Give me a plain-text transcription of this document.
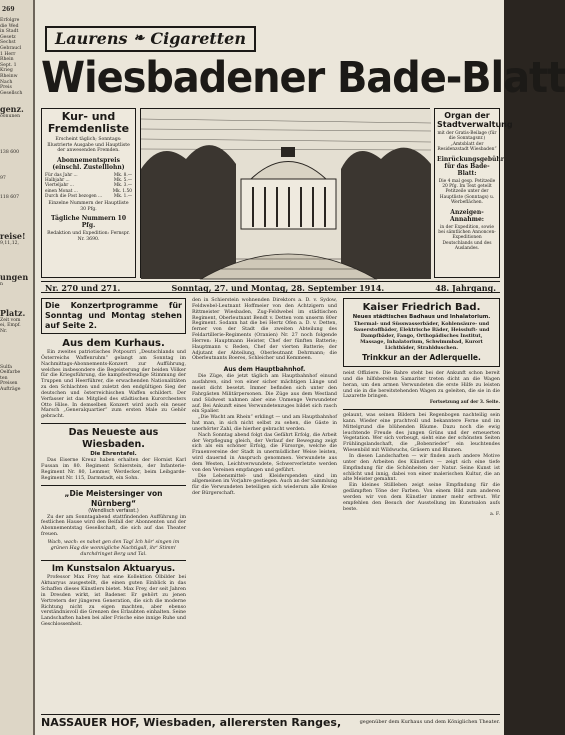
269
Erfolgre
die Wed
in Stadt
Gesetz
Sechst
Gebraucl
1 Herr
Rhein
Sept. 1
Krieg
Rheinw
Nach
Preis
Gesellsch
genz.
oonunen
138 600
97
118 607
reise!
9,11,12,
ungen
n
Platz.
Zeit vom
ei, Empf.
Nr.
Sulfa
Oelfarbe
ten
Preisen
Aufträge
Laurens ❧ Cigaretten
Wiesbadener Bade-Blatt
Kur- und Fremdenliste
Erscheint täglich; Sonntags: Illustrierte Ausgabe und Hauptliste der anwesenden Fremden.
Abonnementspreis (einschl. Zustelllohn)
Für das Jahr ...	Mk. 8.—
Halbjahr ...	Mk. 5.—
Vierteljahr ...	Mk. 3.—
einen Monat ...	Mk. 1.50
Durch die Post bezogen ...	Mk. 1.—
Einzelne Nummern der Hauptliste 30 Pfg.
Tägliche Nummern 10 Pfg.
Redaktion und Expedition: Fernspr. Nr. 3690.
Organ der Stadtverwaltung
mit der Gratis-Beilage (für die Sonntagsnr.) „Amtsblatt der Residenzstadt Wiesbaden“
Einrückungsgebühr für das Bade-Blatt:
Die 4 mal gesp. Petitzeile 20 Pfg. Im Text geteilt Petitzeile unter der Hauptliste (Sonntags) u. Werbeflächen.
Anzeigen-Annahme:
in der Expedition, sowie bei sämtlichen Annoncen-Expeditionen Deutschlands und des Auslandes.
Nr. 270 und 271.	Sonntag, 27. und Montag, 28. September 1914.	48. Jahrgang.
Die Konzertprogramme für Sonntag und Montag stehen auf Seite 2.
Aus dem Kurhaus.

Ein zweites patriotisches Potpourri „Deutschlands und Österreichs Waffenruhm“ gelangt am Sonntag im Nachmittags-Abonnements-Konzert zur Aufführung, welches insbesondere die Begeisterung der beiden Völker für die Kriegsführung, die kampfesfreudige Stimmung der Truppen und Heerführer, die erwachenden Nationalitäten zu den Schlachten und zuletzt den endgültigen Sieg der deutschen und österreichischen Waffen schildert. Der Verfasser ist das Mitglied des städtischen Kurorchesters Otto Hilse. In demselben Konzert wird auch ein neuer Marsch „Generalquartier“ zum ersten Male zu Gehör gebracht.

Das Neueste aus Wiesbaden.
Die Ehrentafel.

Das Eiserne Kreuz haben erhalten der Hornist Karl Fussan im 80. Regiment Schierstein, der Infanterie-Regiment Nr. 80, Lemmer, Werdecker, beim Leibgarde-Regiment Nr. 115, Darmstadt, ein Sohn.

„Die Meistersinger von Nürnberg“
(Wendlisch verfasst.)

Zu der am Sonntagabend stattfindenden Aufführung im festlichen Hause wird den Beifall der Abonnenten und der Abonnementstag Gesellschaft, die sich auf das Theater freuen.

Wach, wach: es nahet gen den Tag! Ich hör' singen im grünen Hag die wonnigliche Nachtigall, ihr' Stimm' durchdringet Berg und Tal.

Im Kunstsalon Aktuaryus.

Professor Max Frey hat eine Kollektion Ölbilder bei Aktuaryus ausgestellt, die einen guten Einblick in das Schaffen dieses Künstlers bietet. Max Frey, der seit Jahren in Dresden wirkt, ist Badener. Er gehört zu jenen Vertretern der jüngeren Generation, die sich die moderne Richtung nicht zu eigen machten, aber ebenso verständnisvoll die Grenzen des Erlaubten einhalten. Seine Landschaften haben bei aller Frische eine innige Ruhe und Geschlossenheit.

den in Schierstein wohnenden Direktors a. D. v. Sydow, Feldwebel-Leutnant Hoffmeier von den Achtzigern und Rittmeister Wiesbaden, Zug-Feldwebel im städtischen Regiment, Oberleutnant Bendt v. Detten vom unserm 80er Regiment. Sodann hat die bei Hertz Ofen a. D. v. Detten, ferner von der Stadt die zweiten Abteilung des Feldartillerie-Regiments (Oranien) Nr. 27 noch folgende Herren: Hauptmann Heister, Chef der fünften Batterie; Hauptmann v. Reden, Chef der vierten Batterie; der Adjutant der Abteilung, Oberleutnant Dehrmann; die Oberleutnants Boeres, Schleicher und Kemmeen.

Aus dem Hauptbahnhof.

Die Züge, die jetzt täglich am Hauptbahnhof einund ausfahren, sind von einer sicher mächtigen Länge und meist dicht besetzt. Immer befinden sich unter den Fahrgästen Militärpersonen. Die Züge aus dem Westland und Südwest nahmen aber eine Unmenge Verwundeter auf. Bei Ankunft eines Verwundetenzuges bildet sich rasch ein Spalier.

„Die Wacht am Rhein“ erklingt — und am Hauptbahnhof hat man, in sich nicht selbst zu sehen, die Gäste in unerhörter Zahl, die hierher gebracht werden.

Nach Sonntag abend folgt das Gefährt Erfolg, die Arbeit der Verpflegung gleich, der Verlauf der Bewegung zeigt sich als ein schöner Erfolg, die Fürsorge, welche die Frauenvereine der Stadt in unermüdlicher Weise leisten, wird dauernd in Anspruch genommen. Verwundete aus dem Westen, Leichtverwundete, Schwerverletzte werden von den Vereinen empfangen und geführt.

Die Lebensmittel- und Kleiderspenden sind im allgemeinen im Vorjahre gestiegen. Auch an der Sammlung für die Verwundeten beteiligen sich wiederum alle Kreise der Bürgerschaft.

Kaiser Friedrich Bad.
Neues städtisches Badhaus und Inhalatorium.
Thermal- und Süsswasserbäder, Kohlensäure- und Sauerstoffbäder, Elektrische Bäder, Heissluft- und Dampfbäder, Fango, Orthopädisches Institut, Massage, Inhalatorium, Schwimmbad, Kurort Lichtbäder, Strahlduschen.
Trinkkur an der Adlerquelle.

neist Offiziere. Die Bahre steht bei der Ankunft schon bereit und die hilfsbereiten Samariter treten dicht an die Wagen heran, um den armen Verwundeten die erste Hilfe zu leisten und sie in die bereitstehenden Wagen zu geleiten, die sie in die Lazarette bringen.

Fortsetzung auf der 3. Seite.

gelaunt, was seinen Bildern bei Regenbogen nachteilig sein kann. Wieder eine prachtvoll und bekanntere Ferne und im Mittelgrund die blühenden Bäume. Dazu noch die ewig leuchtende Freude des jungen Grüns und der erneuerten Vegetation. Wer sich vorbeugt, sieht eine der schönsten Seiten Frühlingslandschaft, die „Bobenrieder“ ein leuchtendes Wiesenbild mit Wildwuchs, Gräsern und Blumen.

In diesen Landschaften — wir finden auch andere Motive unter den Arbeiten des Künstlers — zeigt sich eine tiefe Empfindung für die Schönheiten der Natur. Seine Kunst ist schlicht und innig, dabei von einer malerischen Kultur, die an alte Meister gemahnt.

Ein kleines Stillleben zeigt seine Empfindung für die gedämpften Töne der Farben. Von einem Bild zum anderen werden wir von dem Künstler immer mehr erfreut. Wir empfehlen den Besuch der Ausstellung im Kunstsalon aufs beste.

a. F.
NASSAUER HOF, Wiesbaden, allerersten Ranges,	gegenüber dem Kurhaus und dem Königlichen Theater.
